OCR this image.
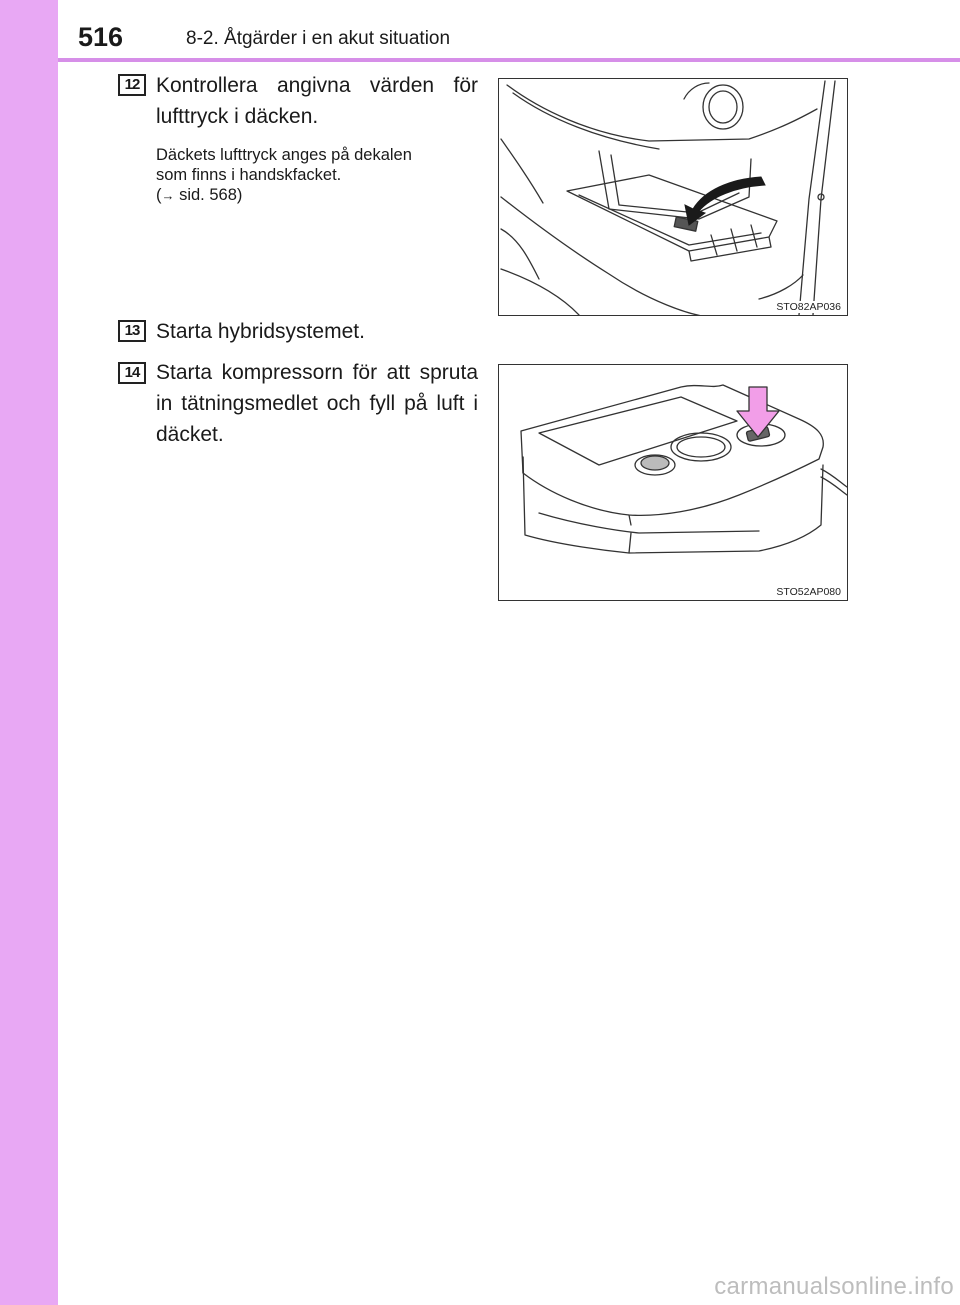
516	8-2. Åtgärder i en akut situation
12 Kontrollera angivna värden för lufttryck i däcken.
Däckets lufttryck anges på dekalen
som finns i handskfacket.
(→ sid. 568)
STO82AP036
13 Starta hybridsystemet.
14 Starta kompressorn för att spruta in tätningsmedlet och fyll på luft i däcket.
STO52AP080
carmanualsonline.info
